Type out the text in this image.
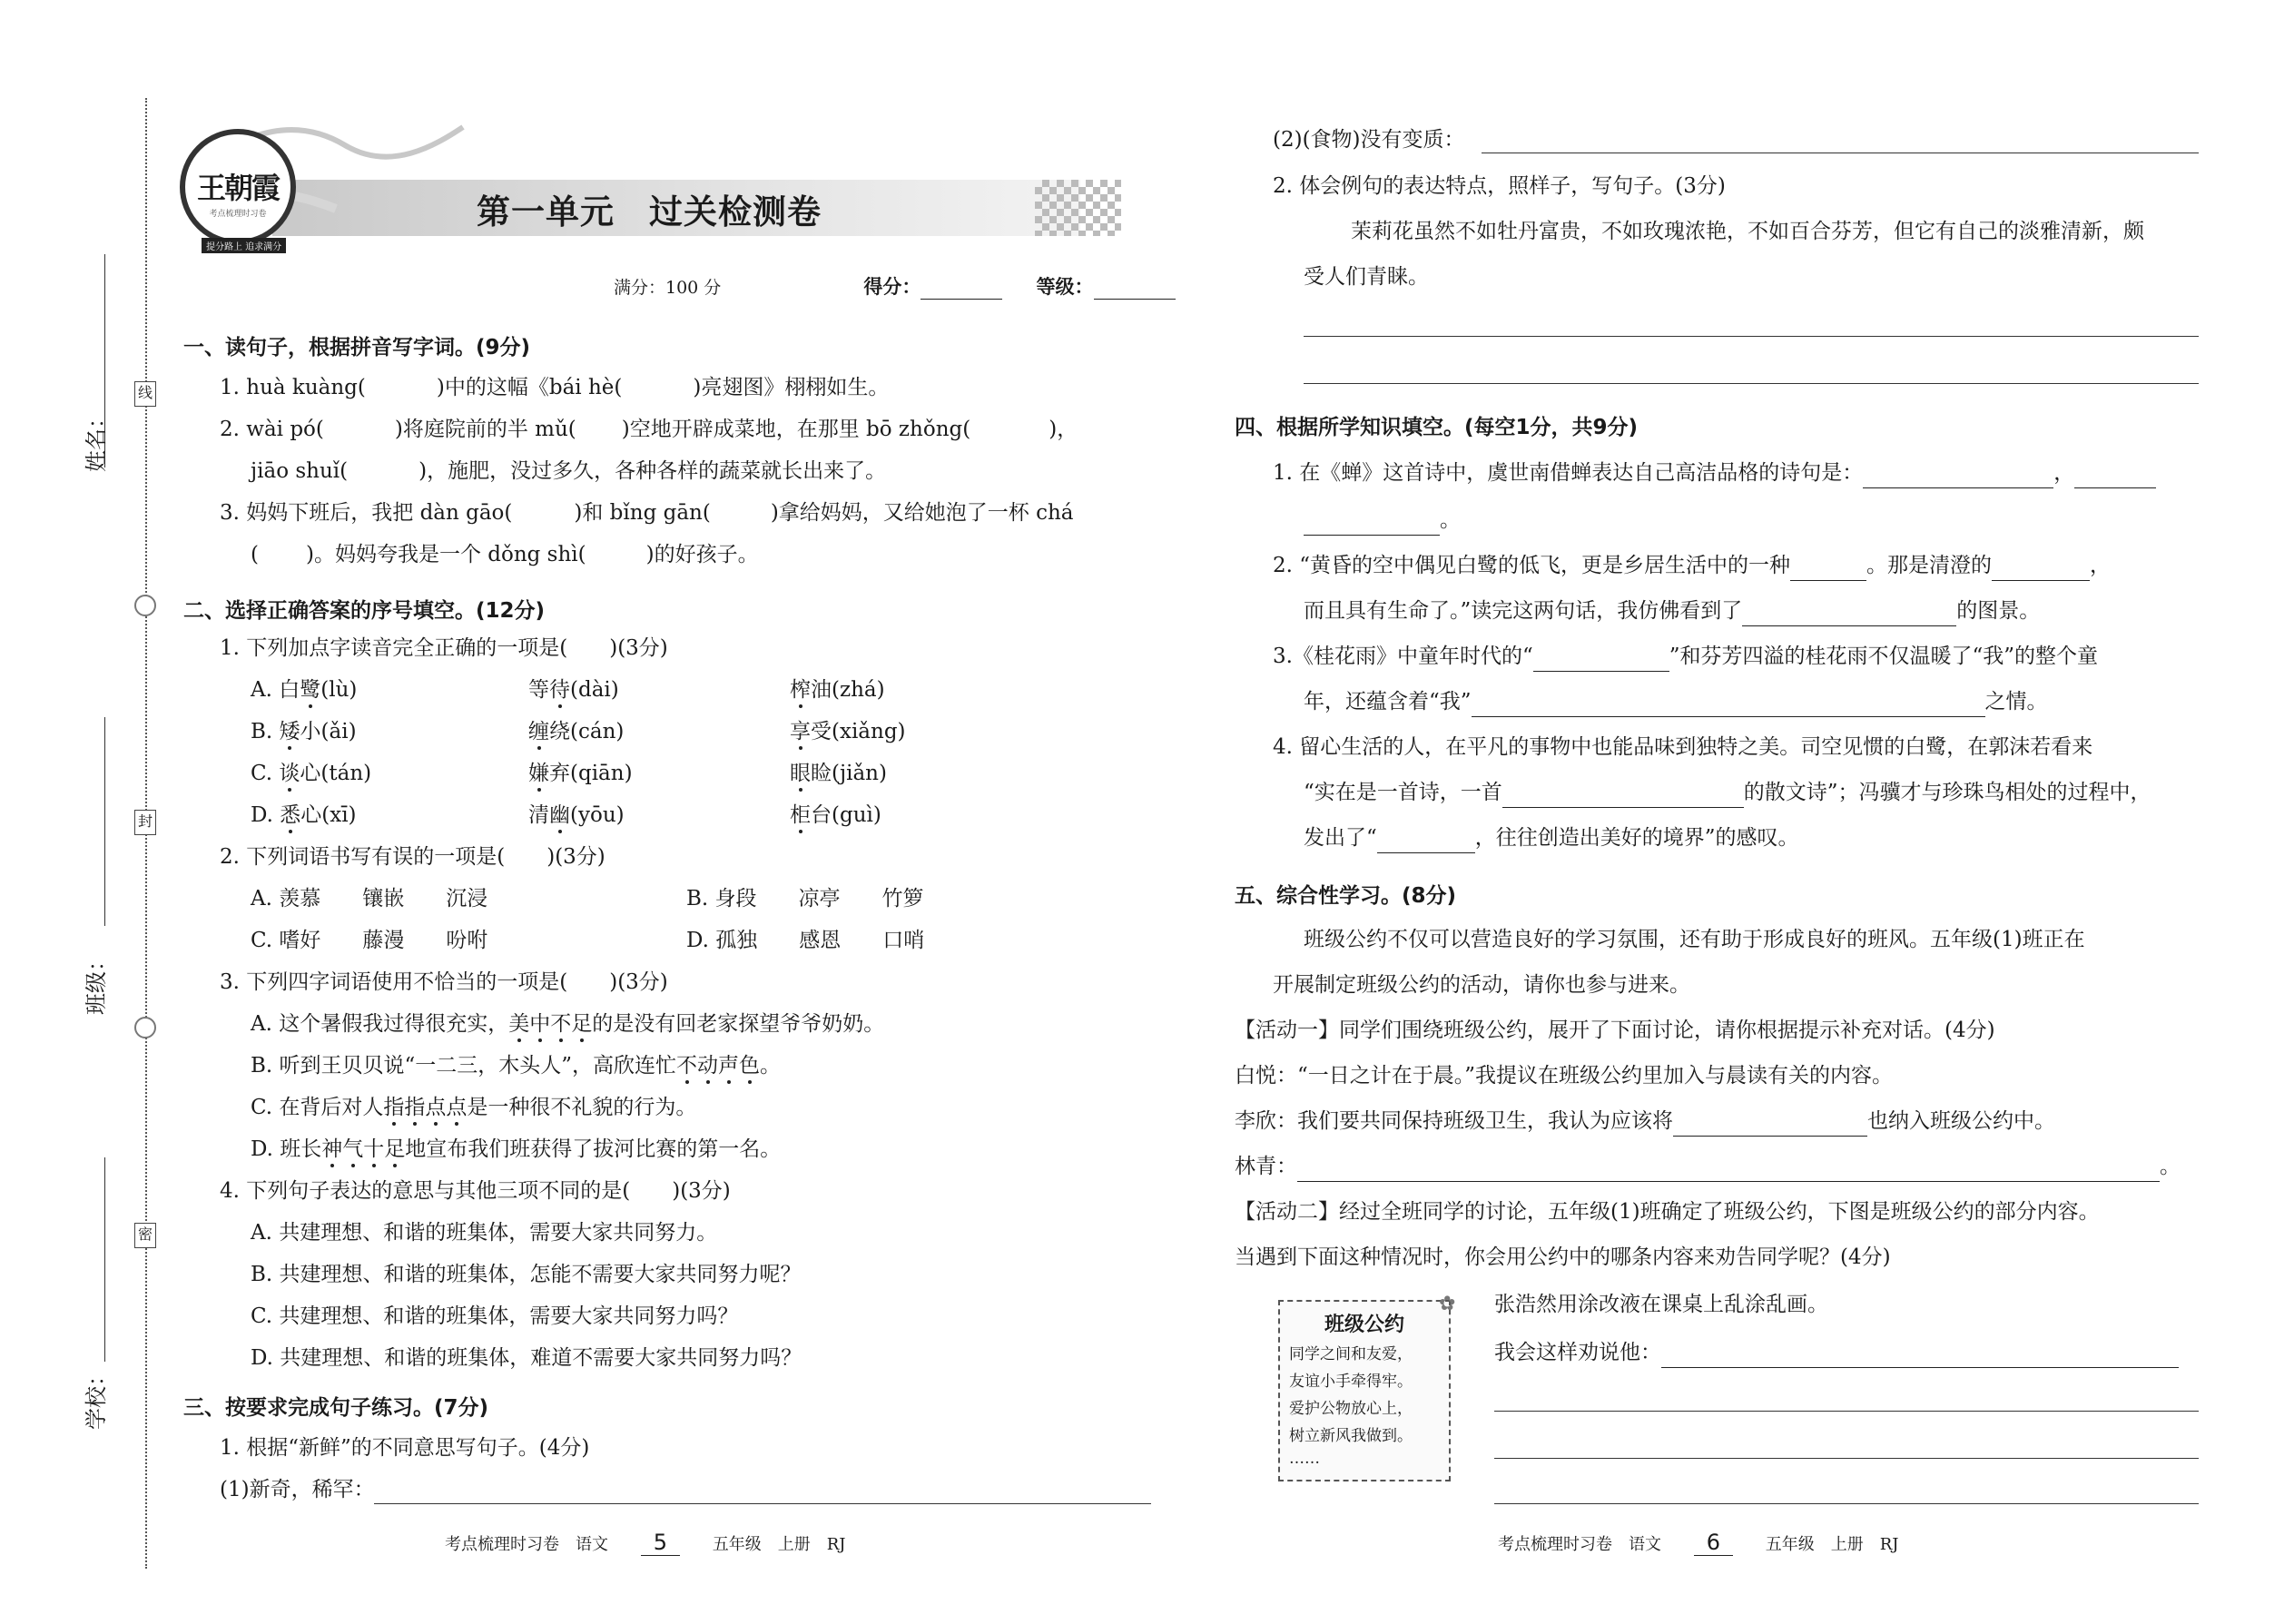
姓名：
班级：
学校：
线
封
密
王朝霞
考点梳理时习卷
提分路上 追求满分
第一单元　过关检测卷
满分：100 分	得分：	等级：
一、读句子，根据拼音写字词。(9分)
1. huà kuàng(	)中的这幅《bái hè(	)亮翅图》栩栩如生。
2. wài pó(	)将庭院前的半 mǔ( )空地开辟成菜地，在那里 bō zhǒng(	)，
jiāo shuǐ(	)，施肥，没过多久，各种各样的蔬菜就长出来了。
3. 妈妈下班后，我把 dàn gāo(	)和 bǐng gān(	)拿给妈妈，又给她泡了一杯 chá
( )。妈妈夸我是一个 dǒng shì(	)的好孩子。
二、选择正确答案的序号填空。(12分)
1. 下列加点字读音完全正确的一项是(　　)(3分)
A. 白鹭(lù)	等待(dài)	榨油(zhá)
B. 矮小(ǎi)	缠绕(cán)	享受(xiǎng)
C. 谈心(tán)	嫌弃(qiān)	眼睑(jiǎn)
D. 悉心(xī)	清幽(yōu)	柜台(guì)
2. 下列词语书写有误的一项是(　　)(3分)
A. 羡慕　　镶嵌　　沉浸	B. 身段　　凉亭　　竹箩
C. 嗜好　　藤漫　　吩咐	D. 孤独　　感恩　　口哨
3. 下列四字词语使用不恰当的一项是(　　)(3分)
A. 这个暑假我过得很充实，美中不足的是没有回老家探望爷爷奶奶。
B. 听到王贝贝说“一二三，木头人”，高欣连忙不动声色。
C. 在背后对人指指点点是一种很不礼貌的行为。
D. 班长神气十足地宣布我们班获得了拔河比赛的第一名。
4. 下列句子表达的意思与其他三项不同的是(　　)(3分)
A. 共建理想、和谐的班集体，需要大家共同努力。
B. 共建理想、和谐的班集体，怎能不需要大家共同努力呢？
C. 共建理想、和谐的班集体，需要大家共同努力吗？
D. 共建理想、和谐的班集体，难道不需要大家共同努力吗？
三、按要求完成句子练习。(7分)
1. 根据“新鲜”的不同意思写句子。(4分)
(1)新奇，稀罕：
考点梳理时习卷　语文 5	五年级　上册　RJ
(2)(食物)没有变质：
2. 体会例句的表达特点，照样子，写句子。(3分)
茉莉花虽然不如牡丹富贵，不如玫瑰浓艳，不如百合芬芳，但它有自己的淡雅清新，颇
受人们青睐。
四、根据所学知识填空。(每空1分，共9分)
1. 在《蝉》这首诗中，虞世南借蝉表达自己高洁品格的诗句是：	，
。
2. “黄昏的空中偶见白鹭的低飞，更是乡居生活中的一种	。那是清澄的	，
而且具有生命了。”读完这两句话，我仿佛看到了	的图景。
3.《桂花雨》中童年时代的“	”和芬芳四溢的桂花雨不仅温暖了“我”的整个童
年，还蕴含着“我”	之情。
4. 留心生活的人，在平凡的事物中也能品味到独特之美。司空见惯的白鹭，在郭沫若看来
“实在是一首诗，一首	的散文诗”；冯骥才与珍珠鸟相处的过程中，
发出了“	，往往创造出美好的境界”的感叹。
五、综合性学习。(8分)
班级公约不仅可以营造良好的学习氛围，还有助于形成良好的班风。五年级(1)班正在
开展制定班级公约的活动，请你也参与进来。
【活动一】同学们围绕班级公约，展开了下面讨论，请你根据提示补充对话。(4分)
白悦：“一日之计在于晨。”我提议在班级公约里加入与晨读有关的内容。
李欣：我们要共同保持班级卫生，我认为应该将	也纳入班级公约中。
林青：	。
【活动二】经过全班同学的讨论，五年级(1)班确定了班级公约，下图是班级公约的部分内容。
当遇到下面这种情况时，你会用公约中的哪条内容来劝告同学呢？(4分)
班级公约
同学之间和友爱，
友谊小手牵得牢。
爱护公物放心上，
树立新风我做到。
……
✿ 张浩然用涂改液在课桌上乱涂乱画。
我会这样劝说他：
考点梳理时习卷　语文 6	五年级　上册　RJ
